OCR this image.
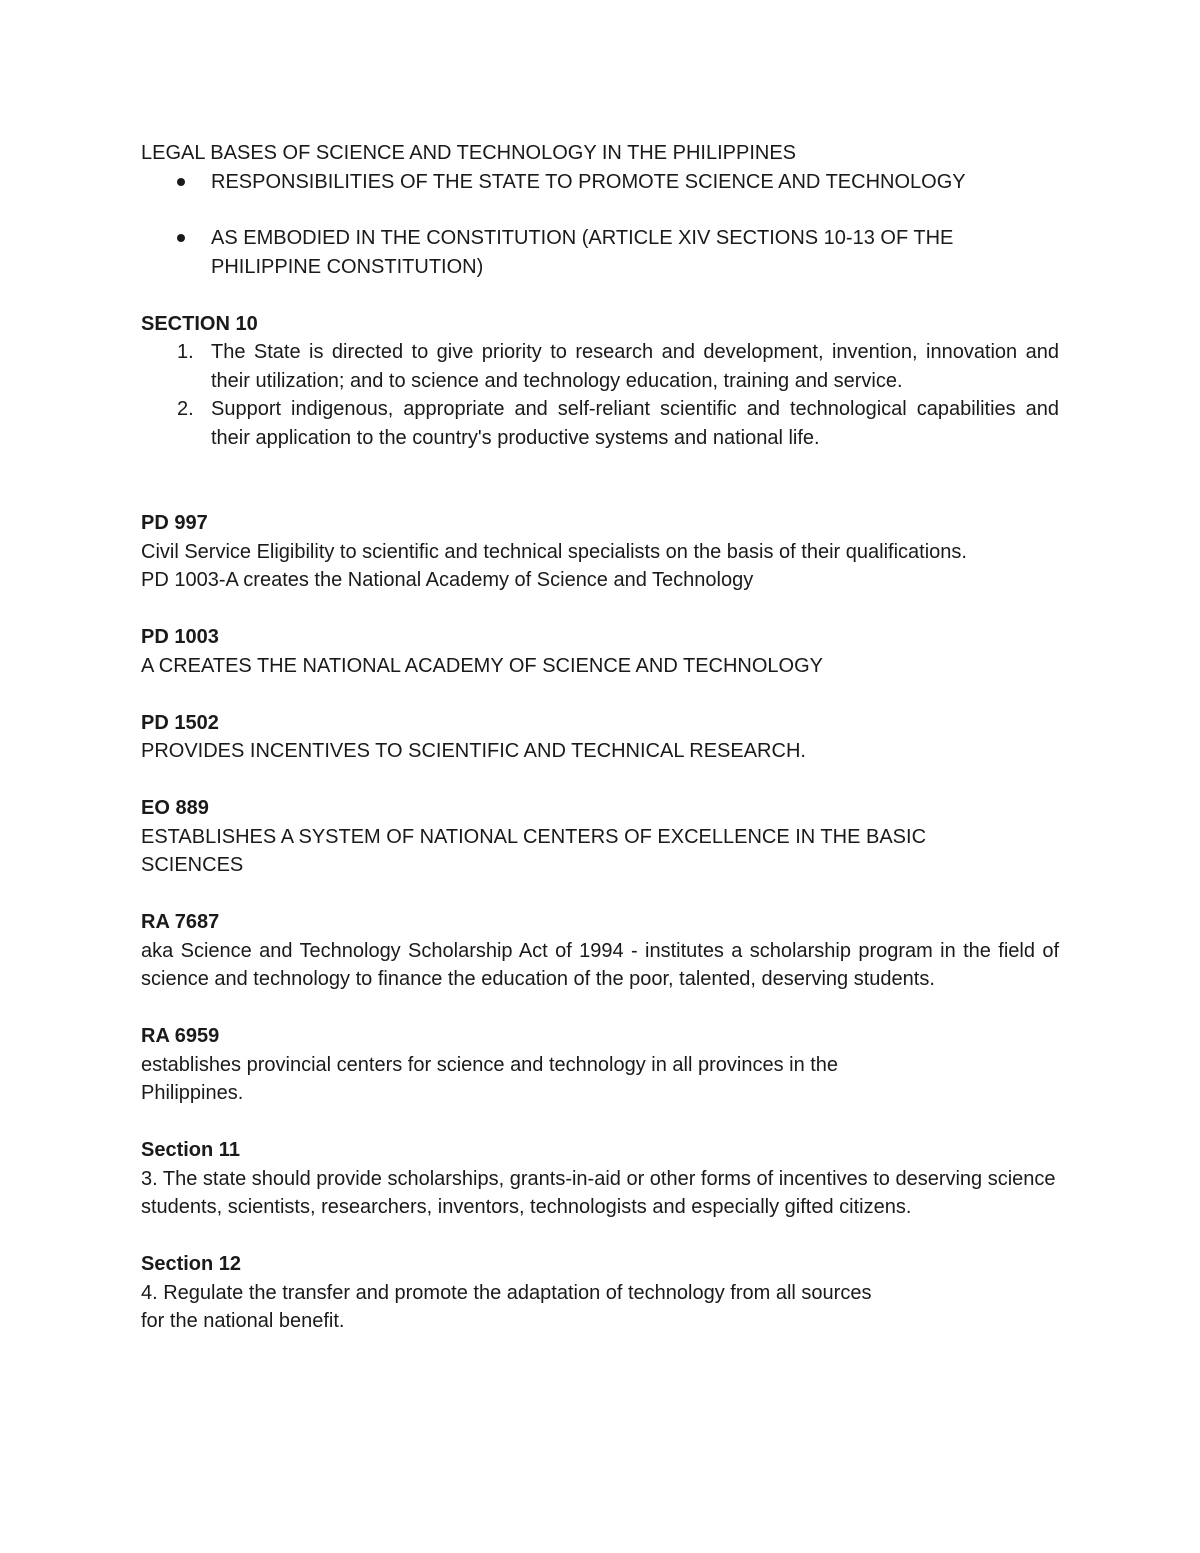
LEGAL BASES OF SCIENCE AND TECHNOLOGY IN THE PHILIPPINES
RESPONSIBILITIES OF THE STATE TO PROMOTE SCIENCE AND TECHNOLOGY
AS EMBODIED IN THE CONSTITUTION (ARTICLE XIV SECTIONS 10-13 OF THE PHILIPPINE CONSTITUTION)
SECTION 10
1. The State is directed to give priority to research and development, invention, innovation and their utilization; and to science and technology education, training and service.
2. Support indigenous, appropriate and self-reliant scientific and technological capabilities and their application to the country's productive systems and national life.
PD 997
Civil Service Eligibility to scientific and technical specialists on the basis of their qualifications.
PD 1003-A creates the National Academy of Science and Technology
PD 1003
A CREATES THE NATIONAL ACADEMY OF SCIENCE AND TECHNOLOGY
PD 1502
PROVIDES INCENTIVES TO SCIENTIFIC AND TECHNICAL RESEARCH.
EO 889
ESTABLISHES A SYSTEM OF NATIONAL CENTERS OF EXCELLENCE IN THE BASIC
SCIENCES
RA 7687
aka Science and Technology Scholarship Act of 1994 - institutes a scholarship program in the field of science and technology to finance the education of the poor, talented, deserving students.
RA 6959
establishes provincial centers for science and technology in all provinces in the
Philippines.
Section 11
3. The state should provide scholarships, grants-in-aid or other forms of incentives to deserving science students, scientists, researchers, inventors, technologists and especially gifted citizens.
Section 12
4. Regulate the transfer and promote the adaptation of technology from all sources
for the national benefit.
